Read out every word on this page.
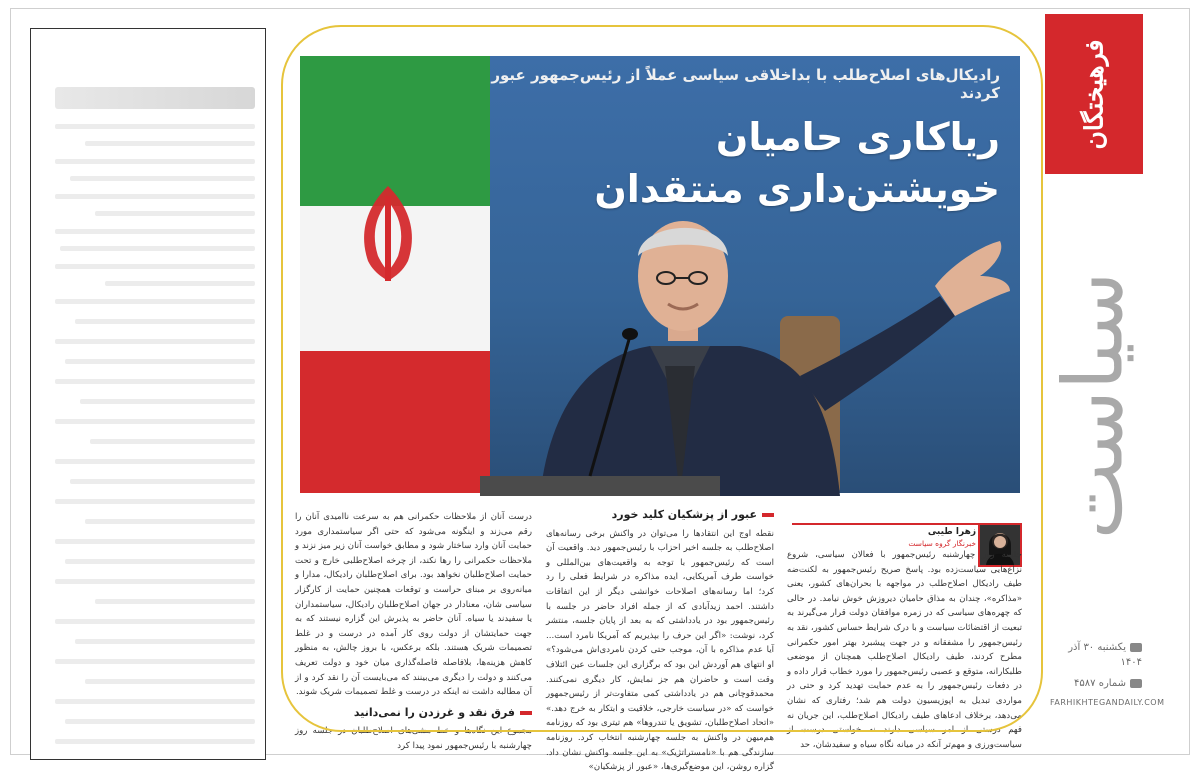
فرهیختگان
سیاست
یکشنبه ۳۰ آذر ۱۴۰۴
شماره ۴۵۸۷
FARHIKHTEGANDAILY.COM
رادیکال‌های اصلاح‌طلب با بداخلاقی سیاسی عملاً از رئیس‌جمهور عبور کردند
ریاکاری حامیان
خویشتن‌داری منتقدان
زهرا طیبی
خبرنگار گروه سیاست
جلسه روز چهارشنبه رئیس‌جمهور با فعالان سیاسی، شروع نزاع‌هایی سیاست‌زده بود. پاسخ صریح رئیس‌جمهور به لکنت‌ضه طیف رادیکال اصلاح‌طلب در مواجهه با بحران‌های کشور، یعنی «مذاکره»، چندان به مذاق حامیان دیروزش خوش نیامد. در حالی که چهره‌های سیاسی که در زمره موافقان دولت قرار می‌گیرند به تبعیت از اقتضائات سیاست و با درک شرایط حساس کشور، نقد به رئیس‌جمهور را مشفقانه و در جهت پیشبرد بهتر امور حکمرانی مطرح کردند، طیف رادیکال اصلاح‌طلب همچنان از موضعی طلبکارانه، متوقع و عصبی رئیس‌جمهور را مورد خطاب قرار داده و در دفعات رئیس‌جمهور را به عدم حمایت تهدید کرد و حتی در مواردی تبدیل به اپوزیسیون دولت هم شد؛ رفتاری که نشان می‌دهد، برخلاف ادعاهای طیف رادیکال اصلاح‌طلب، این جریان نه فهم درستی از امر سیاسی دارند نه خواستی درست از سیاست‌ورزی و مهم‌تر آنکه در میانه نگاه سیاه و سفیدشان، حد
عبور از پزشکیان کلید خورد
نقطه اوج این انتقادها را می‌توان در واکنش برخی رسانه‌های اصلاح‌طلب به جلسه اخیر احزاب با رئیس‌جمهور دید. واقعیت آن است که رئیس‌جمهور با توجه به واقعیت‌های بین‌المللی و خواست طرف آمریکایی، ایده مذاکره در شرایط فعلی را رد کرد؛ اما رسانه‌های اصلاحات خوانشی دیگر از این اتفاقات داشتند. احمد زیدآبادی که از جمله افراد حاضر در جلسه با رئیس‌جمهور بود در یادداشتی که به بعد از پایان جلسه، منتشر کرد، نوشت: «اگر این حرف را بپذیریم که آمریکا نامرد است... آیا عدم مذاکره با آن، موجب حتی کردن نامردی‌اش می‌شود؟» او انتهای هم آوردش این بود که برگزاری این جلسات عین ائتلاف وقت است و حاضران هم جز نمایش، کار دیگری نمی‌کنند. محمدقوچانی هم در یادداشتی کمی متفاوت‌تر از رئیس‌جمهور خواست که «در سیاست خارجی، خلاقیت و ابتکار به خرج دهد.» «اتحاد اصلاح‌طلبان، تشویق یا تندروها» هم تیتری بود که روزنامه هم‌میهن در واکنش به جلسه چهارشنبه انتخاب کرد. روزنامه سازندگی هم با «نامستراتژیک» به این جلسه واکنش نشان داد. گزاره‌ روشن، این موضع‌گیری‌ها، «عبور از پزشکیان»
درست آنان از ملاحظات حکمرانی هم به سرعت ناامیدی آنان را رقم می‌زند و اینگونه می‌شود که حتی اگر سیاستمداری مورد حمایت آنان وارد ساختار شود و مطابق خواست آنان زیر میز نزند و ملاحظات حکمرانی را رها نکند، از چرخه اصلاح‌طلبی خارج و تحت حمایت اصلاح‌طلبان نخواهد بود. برای اصلاح‌طلبان رادیکال، مدارا و میانه‌روی بر مبنای حراست و توقعات همچنین حمایت از کارگزار سیاسی شان، معنادار در جهان اصلاح‌طلبان رادیکال، سیاستمداران یا سفیدند یا سیاه. آنان حاضر به پذیرش این گزاره نیستند که به جهت حمایتشان از دولت روی کار آمده در درست و در غلط تصمیمات شریک هستند. بلکه برعکس، با بروز چالش، به منظور کاهش هزینه‌ها، بلافاصله فاصله‌گذاری میان خود و دولت تعریف می‌کنند و دولت را دیگری می‌بینند که می‌بایست آن را نقد کرد و از آن مطالبه داشت نه اینکه در درست و غلط تصمیمات شریک شوند.
فرق نقد و غرزدن را نمی‌دانید
مجموع این نگاه‌ها و خط مشی‌های اصلاح‌طلبان در جلسه روز چهارشنبه با رئیس‌جمهور نمود پیدا کرد
